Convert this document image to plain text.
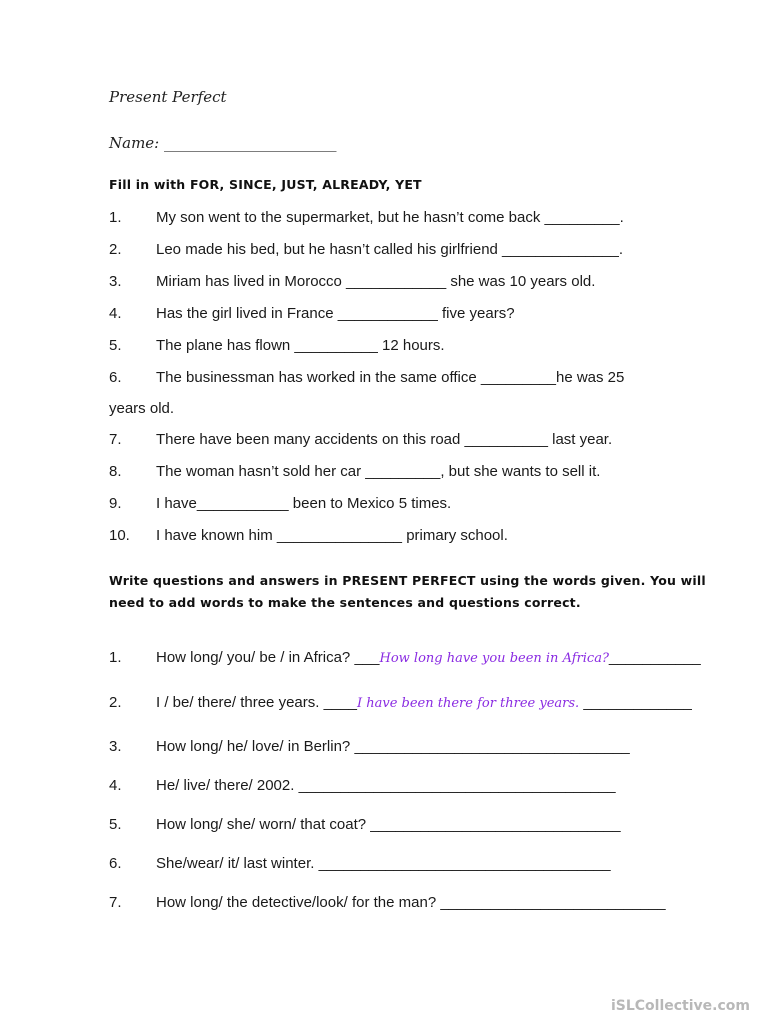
Present Perfect
Name: _______________________
Fill in with FOR, SINCE, JUST, ALREADY, YET
1. My son went to the supermarket, but he hasn’t come back _________.
2. Leo made his bed, but he hasn’t called his girlfriend ______________.
3. Miriam has lived in Morocco ____________ she was 10 years old.
4. Has the girl lived in France ____________ five years?
5. The plane has flown __________ 12 hours.
6. The businessman has worked in the same office _________he was 25
years old.
7. There have been many accidents on this road __________ last year.
8. The woman hasn’t sold her car _________, but she wants to sell it.
9. I have___________ been to Mexico 5 times.
10. I have known him _______________ primary school.
Write questions and answers in PRESENT PERFECT using the words given. You will need to add words to make the sentences and questions correct.
1. How long/ you/ be / in Africa? ___How long have you been in Africa?___________
2. I / be/ there/ three years. ____I have been there for three years. _____________
3. How long/ he/ love/ in Berlin? _________________________________
4. He/ live/ there/ 2002. ______________________________________
5. How long/ she/ worn/ that coat? ______________________________
6. She/wear/ it/ last winter. ___________________________________
7. How long/ the detective/look/ for the man? ___________________________
iSLCollective.com
